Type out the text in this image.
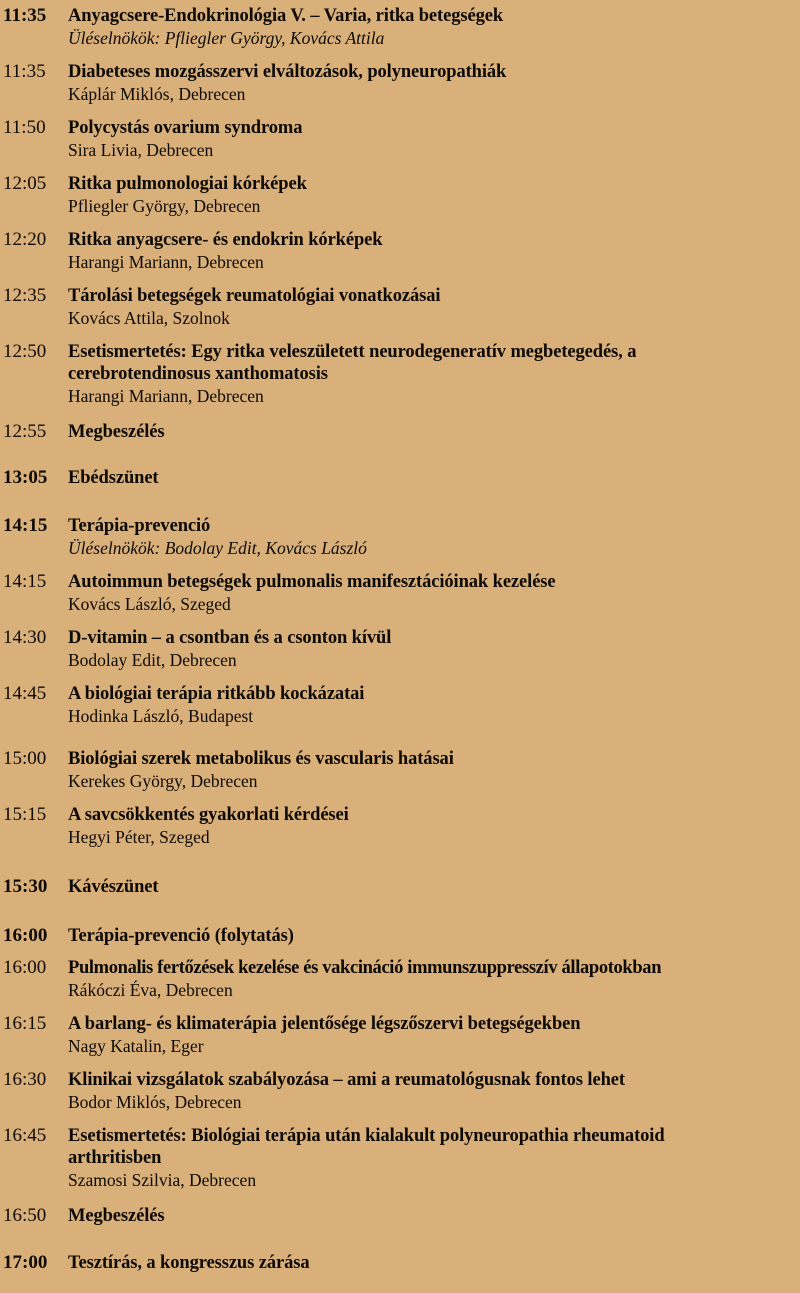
11:35 Anyagcsere-Endokrinológia V. – Varia, ritka betegségek
Üléselnökök: Pfliegler György, Kovács Attila
11:35 Diabeteses mozgásszervi elváltozások, polyneuropathiák
Káplár Miklós, Debrecen
11:50 Polycystás ovarium syndroma
Sira Livia, Debrecen
12:05 Ritka pulmonologiai kórképek
Pfliegler György, Debrecen
12:20 Ritka anyagcsere- és endokrin kórképek
Harangi Mariann, Debrecen
12:35 Tárolási betegségek reumatológiai vonatkozásai
Kovács Attila, Szolnok
12:50 Esetismertetés: Egy ritka veleszületett neurodegeneratív megbetegedés, a
cerebrotendinosus xanthomatosis
Harangi Mariann, Debrecen
12:55 Megbeszélés
13:05 Ebédszünet
14:15 Terápia-prevenció
Üléselnökök: Bodolay Edit, Kovács László
14:15 Autoimmun betegségek pulmonalis manifesztációinak kezelése
Kovács László, Szeged
14:30 D-vitamin – a csontban és a csonton kívül
Bodolay Edit, Debrecen
14:45 A biológiai terápia ritkább kockázatai
Hodinka László, Budapest
15:00 Biológiai szerek metabolikus és vascularis hatásai
Kerekes György, Debrecen
15:15 A savcsökkentés gyakorlati kérdései
Hegyi Péter, Szeged
15:30 Kávészünet
16:00 Terápia-prevenció (folytatás)
16:00 Pulmonalis fertőzések kezelése és vakcináció immunszuppresszív állapotokban
Rákóczi Éva, Debrecen
16:15 A barlang- és klimaterápia jelentősége légszőszervi betegségekben
Nagy Katalin, Eger
16:30 Klinikai vizsgálatok szabályozása – ami a reumatológusnak fontos lehet
Bodor Miklós, Debrecen
16:45 Esetismertetés: Biológiai terápia után kialakult polyneuropathia rheumatoid
arthritisben
Szamosi Szilvia, Debrecen
16:50 Megbeszélés
17:00 Tesztírás, a kongresszus zárása
